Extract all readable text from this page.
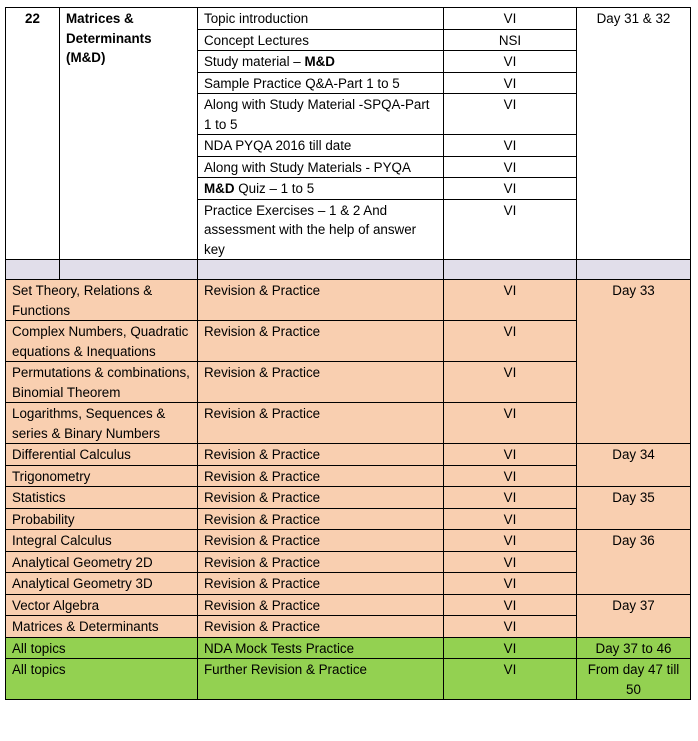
22	Matrices & Determinants (M&D)	Topic introduction	VI	Day 31 & 32
		Concept Lectures	NSI	
		Study material – M&D	VI	
		Sample Practice Q&A-Part 1 to 5	VI	
		Along with Study Material -SPQA-Part 1 to 5	VI	
		NDA PYQA 2016 till date	VI	
		Along with Study Materials - PYQA	VI	
		M&D Quiz – 1 to 5	VI	
		Practice Exercises – 1 & 2 And assessment with the help of answer key	VI	

Set Theory, Relations & Functions		Revision & Practice	VI	Day 33
Complex Numbers, Quadratic equations & Inequations		Revision & Practice	VI	
Permutations & combinations, Binomial Theorem		Revision & Practice	VI	
Logarithms, Sequences & series & Binary Numbers		Revision & Practice	VI	
Differential Calculus		Revision & Practice	VI	Day 34
Trigonometry		Revision & Practice	VI	
Statistics		Revision & Practice	VI	Day 35
Probability		Revision & Practice	VI	
Integral Calculus		Revision & Practice	VI	Day 36
Analytical Geometry 2D		Revision & Practice	VI	
Analytical Geometry 3D		Revision & Practice	VI	
Vector Algebra		Revision & Practice	VI	Day 37
Matrices & Determinants		Revision & Practice	VI	
All topics		NDA Mock Tests Practice	VI	Day 37 to 46
All topics		Further Revision & Practice	VI	From day 47 till 50
